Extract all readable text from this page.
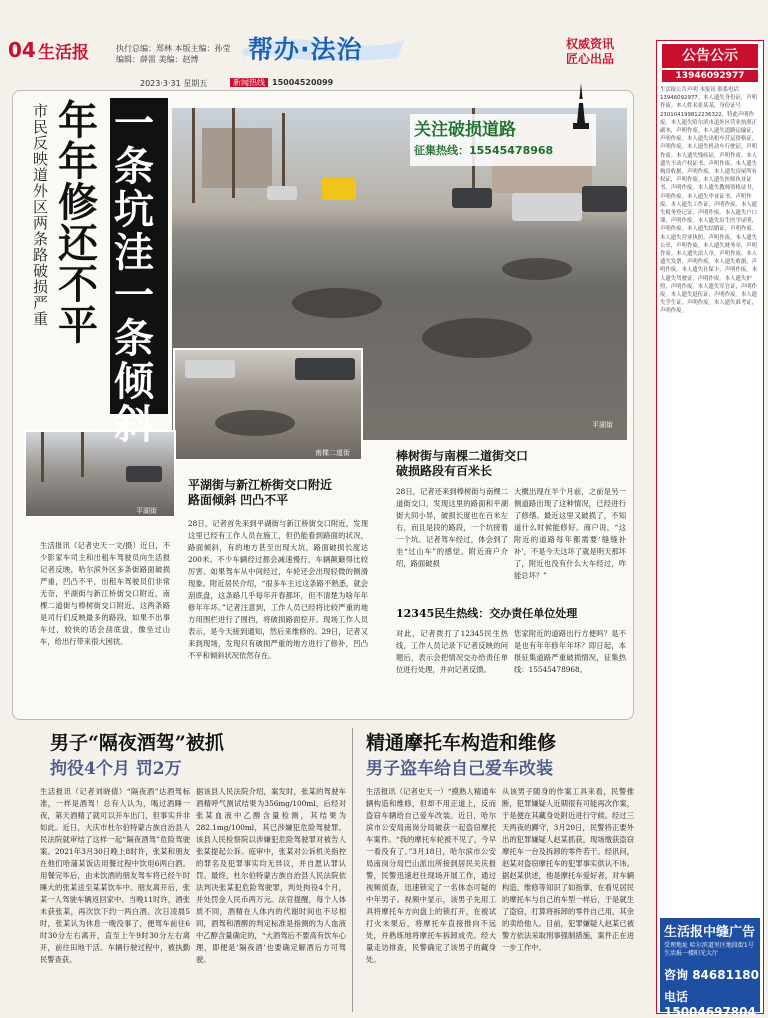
04 生活报	执行总编：郑林 本版主编：孙莹
编辑：薛雷 美编：赵博	帮办·法治	权威资讯
匠心出品
2023·3·31 星期五	新闻热线 15004520099
平湖街
关注破损道路
征集热线：15545478968
南棵二道街
平湖街
市民反映道外区两条路破损严重
年年修还不平
一条坑洼一条倾斜
生活报讯（记者史天一文/摄）近日，不少影家车司主和出租车驾驶员向生活报记者反映，哈尔滨外区多条街路面破损严重，凹凸不平，出租车驾驶员们非常无奈，平湖街与新江桥街交口附近，南棵二道街与棒树街交口附近，这两条路是司行们反映最多的路段，如果不出事车过，较快的话会刮底盘，像坐过山车，给出行带来很大困扰。
平湖街与新江桥街交口附近
路面倾斜 凹凸不平
28日，记者首先来到平湖街与新江桥街交口附近，发现这里已经有工作人员在施工，但仍能看到路面的状况，路面倾斜，有的地方甚至出现大坑，路面破损长度达200米。不少车辆经过都会减速慢行，车辆颠簸得比较厉害。如果驾车从中间经过，车轮还会出现轻微的侧滑现象。附近居民介绍，“很多车主过这条路不熟悉，就会刮底盘，这条路几乎每年开春都坏，但不清楚为啥年年修年年坏。”记者注意到，工作人员已经将比较严重的地方用围栏进行了围挡，将破损路面挖开。现场工作人员表示，是今天接到通知，然后来维修的。29日，记者又来到现场，发现只有破损严重的地方进行了修补，凹凸不平和倾斜状况依然存在。
棒树街与南棵二道街交口
破损路段有百米长
28日，记者还来到棒树街与南棵二道街交口，发现这里的路面和平湖街大同小异，破损长度也在百米左右，而且是段的路段，一个坑接着一个坑。记者驾车经过，体会到了坐“过山车”的感觉。附近商户介绍，路面破损
大概出现在半个月前，之前是另一侧道路出现了这种情况，已经进行了修缮。最近这里又破损了，不知道什么时候能修好。商户说，“这附近的道路每年都需要‘缝缝补补’，不是今天这坏了就是明天那坏了，附近也没有什么大车经过，咋能总坏？”
12345民生热线：交办责任单位处理
对此，记者拨打了12345民生热线，工作人员记录下记者反映的问题后，表示会把情况交办给责任单位进行处理，并向记者反馈。
您家附近的道路出行方便吗？是不是也有年年修年年坏？即日起，本报征集道路严重破损情况，征集热线：15545478968。
男子“隔夜酒驾”被抓
拘役4个月 罚2万
生活报讯（记者刘晓倩）“隔夜酒”达酒驾标准，一样是酒驾！总有人认为，喝过酒睡一夜，第天酒精了就可以开车出门，但事实并非如此。近日，大庆市杜尔伯特蒙古族自治县人民法院就审结了这样一起“隔夜酒驾”危险驾驶案。2021年3月30日晚上8时许，张某和朋友在他们哈蒲某饭店用餐过程中饮用6两白酒。用餐完毕后，由未饮酒的朋友驾车将已经午时睡大的张某送至某某饮车中。朋友离开后，张某一人驾驶车辆返回家中。当晚11时许，酒张未获张某，再次饮下约一两白酒。次日凌晨5时，张某认为休息一晚没事了，便驾车前往6时30分左右离开，直至上午9时30分左右离开，前往田地干活。车辆行驶过程中，被执勤民警查获。
据该县人民法院介绍，案发时，张某的驾驶车酒精呼气测试结果为356mg/100ml，后经对张某血液中乙醇含量检测，其结果为282.1mg/100ml，其已涉嫌犯危险驾驶罪。该县人民检察院以涉嫌犯危险驾驶罪对被告人张某提起公诉。庭审中，张某对公诉机关指控的罪名及犯罪事实均无异议，并自愿认罪认罚。最终，杜尔伯特蒙古族自治县人民法院依法判决张某犯危险驾驶罪，判处拘役4个月，并处罚金人民币两万元。法官提醒，每个人体质不同，酒精在人体内的代谢时间也不尽相同，酒驾和酒醉的判定标准是指测的为人血液中乙醇含量确定的，“大酒驾后不要高有饮车心理，即便是‘隔夜酒’也要确定解酒后方可驾驶。
精通摩托车构造和维修
男子盗车给自己爱车改装
生活报讯（记者史天一）“摸熟人精通车辆构造和维修，但却不用正道上，反而盗窃车辆给自己爱车改装。近日，哈尔滨市公安局南岗分局破获一起盗窃摩托车案件。“我的摩托车轮被不见了，今早一看没有了。”3月18日，哈尔滨市公安局南岗分局巴山派出所接到居民关庆报警，民警迅速赶往现场开展工作，通过视频侦查，迅速锁定了一名体态可疑的中年男子。视频中显示，该男子先用工具将摩托车方向盘上的锁打开，在被试打火未果后，将摩托车直接推向不远处，并熟练地将摩托车拆卸成壳。经大量走访排查，民警确定了该男子的藏身处。
从该男子随身的作案工具来看，民警推断，犯罪嫌疑人近期很有可能再次作案，于是便在其藏身处附近进行守候。经过三天两夜的蹲守，3月20日，民警将正要外出的犯罪嫌疑人赵某抓获，现场缴获盗窃摩托车一台及拆卸的零件若干。经讯问，赵某对盗窃摩托车的犯罪事实供认不讳。据赵某供述，他是摩托车爱好者，对车辆构造、维修等知识了如指掌，在看见居民的摩托车与自己的车型一样后，于是就生了盗窃，打算将拆卸的零件自己用，其余的卖给他人。目前，犯罪嫌疑人赵某已被警方依法采取刑事强制措施，案件正在进一步工作中。
公告公示
13946092977
生活报公告声明 本报讯 联系电话 13946092977。本人遗失身份证，声明作废。本人姓名张某某，身份证号230104199812236322，特此声明作废。本人遗失哈尔滨市道外区营业执照正副本，声明作废。本人遗失道路运输证，声明作废。本人遗失出租车营运资格证，声明作废。本人遗失机动车行驶证，声明作废。本人遗失残疾证，声明作废。本人遗失不动产权证书，声明作废。本人遗失购房收据，声明作废。本人遗失房屋所有权证，声明作废。本人遗失医师执业证书，声明作废。本人遗失教师资格证书，声明作废。本人遗失毕业证书，声明作废。本人遗失工作证，声明作废。本人遗失税务登记证，声明作废。本人遗失户口簿，声明作废。本人遗失出生医学证明，声明作废。本人遗失结婚证，声明作废。本人遗失营业执照，声明作废。本人遗失公章，声明作废。本人遗失财务章，声明作废。本人遗失法人章，声明作废。本人遗失发票，声明作废。本人遗失收据，声明作废。本人遗失社保卡，声明作废。本人遗失驾驶证，声明作废。本人遗失护照，声明作废。本人遗失军官证，声明作废。本人遗失退伍证，声明作废。本人遗失学生证，声明作废。本人遗失准考证，声明作废。
生活报中缝广告
受理地址 哈尔滨道里区地段街1号生活报一楼阳光大厅
咨询 84681180
电话 15004697804
